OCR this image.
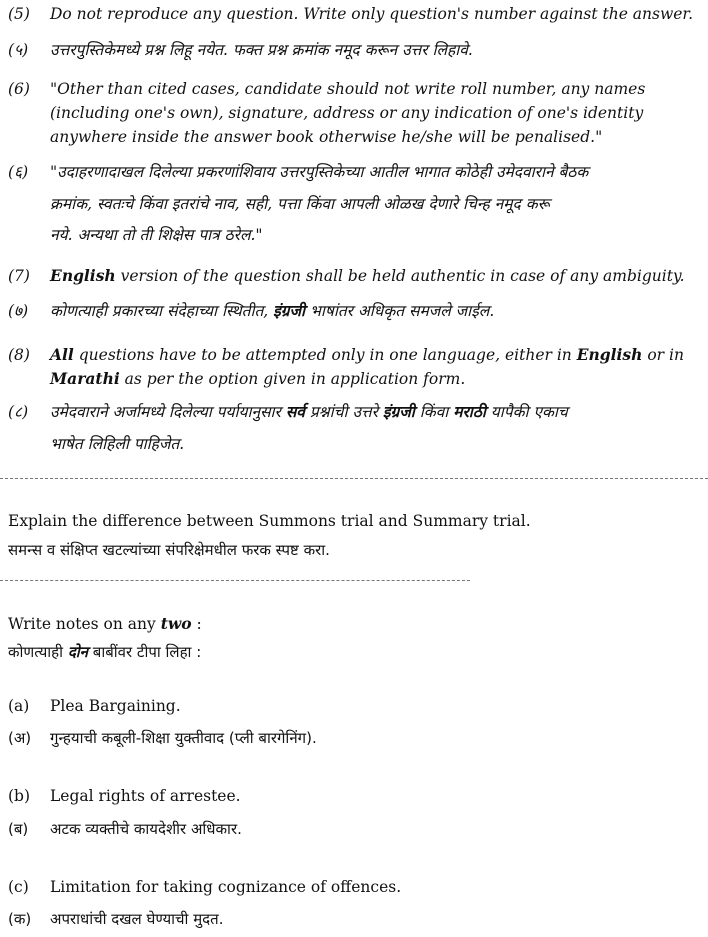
(5) Do not reproduce any question. Write only question's number against the answer.
(५) उत्तरपुस्तिकेमध्ये प्रश्न लिहू नयेत. फक्त प्रश्न क्रमांक नमूद करून उत्तर लिहावे.
(6) "Other than cited cases, candidate should not write roll number, any names
(including one's own), signature, address or any indication of one's identity
anywhere inside the answer book otherwise he/she will be penalised."
(६) "उदाहरणादाखल दिलेल्या प्रकरणांशिवाय उत्तरपुस्तिकेच्या आतील भागात कोठेही उमेदवाराने बैठक
क्रमांक, स्वतःचे किंवा इतरांचे नाव, सही, पत्ता किंवा आपली ओळख देणारे चिन्ह नमूद करू
नये. अन्यथा तो ती शिक्षेस पात्र ठरेल."
(7) English version of the question shall be held authentic in case of any ambiguity.
(७) कोणत्याही प्रकारच्या संदेहाच्या स्थितीत, इंग्रजी भाषांतर अधिकृत समजले जाईल.
(8) All questions have to be attempted only in one language, either in English or in
Marathi as per the option given in application form.
(८) उमेदवाराने अर्जामध्ये दिलेल्या पर्यायानुसार सर्व प्रश्नांची उत्तरे इंग्रजी किंवा मराठी यापैकी एकाच
भाषेत लिहिली पाहिजेत.
Explain the difference between Summons trial and Summary trial.
समन्स व संक्षिप्त खटल्यांच्या संपरिक्षेमधील फरक स्पष्ट करा.
Write notes on any two :
कोणत्याही दोन बाबींवर टीपा लिहा :
(a) Plea Bargaining.
(अ) गुन्हयाची कबूली-शिक्षा युक्तीवाद (प्ली बारगेनिंग).
(b) Legal rights of arrestee.
(ब) अटक व्यक्तीचे कायदेशीर अधिकार.
(c) Limitation for taking cognizance of offences.
(क) अपराधांची दखल घेण्याची मुदत.
